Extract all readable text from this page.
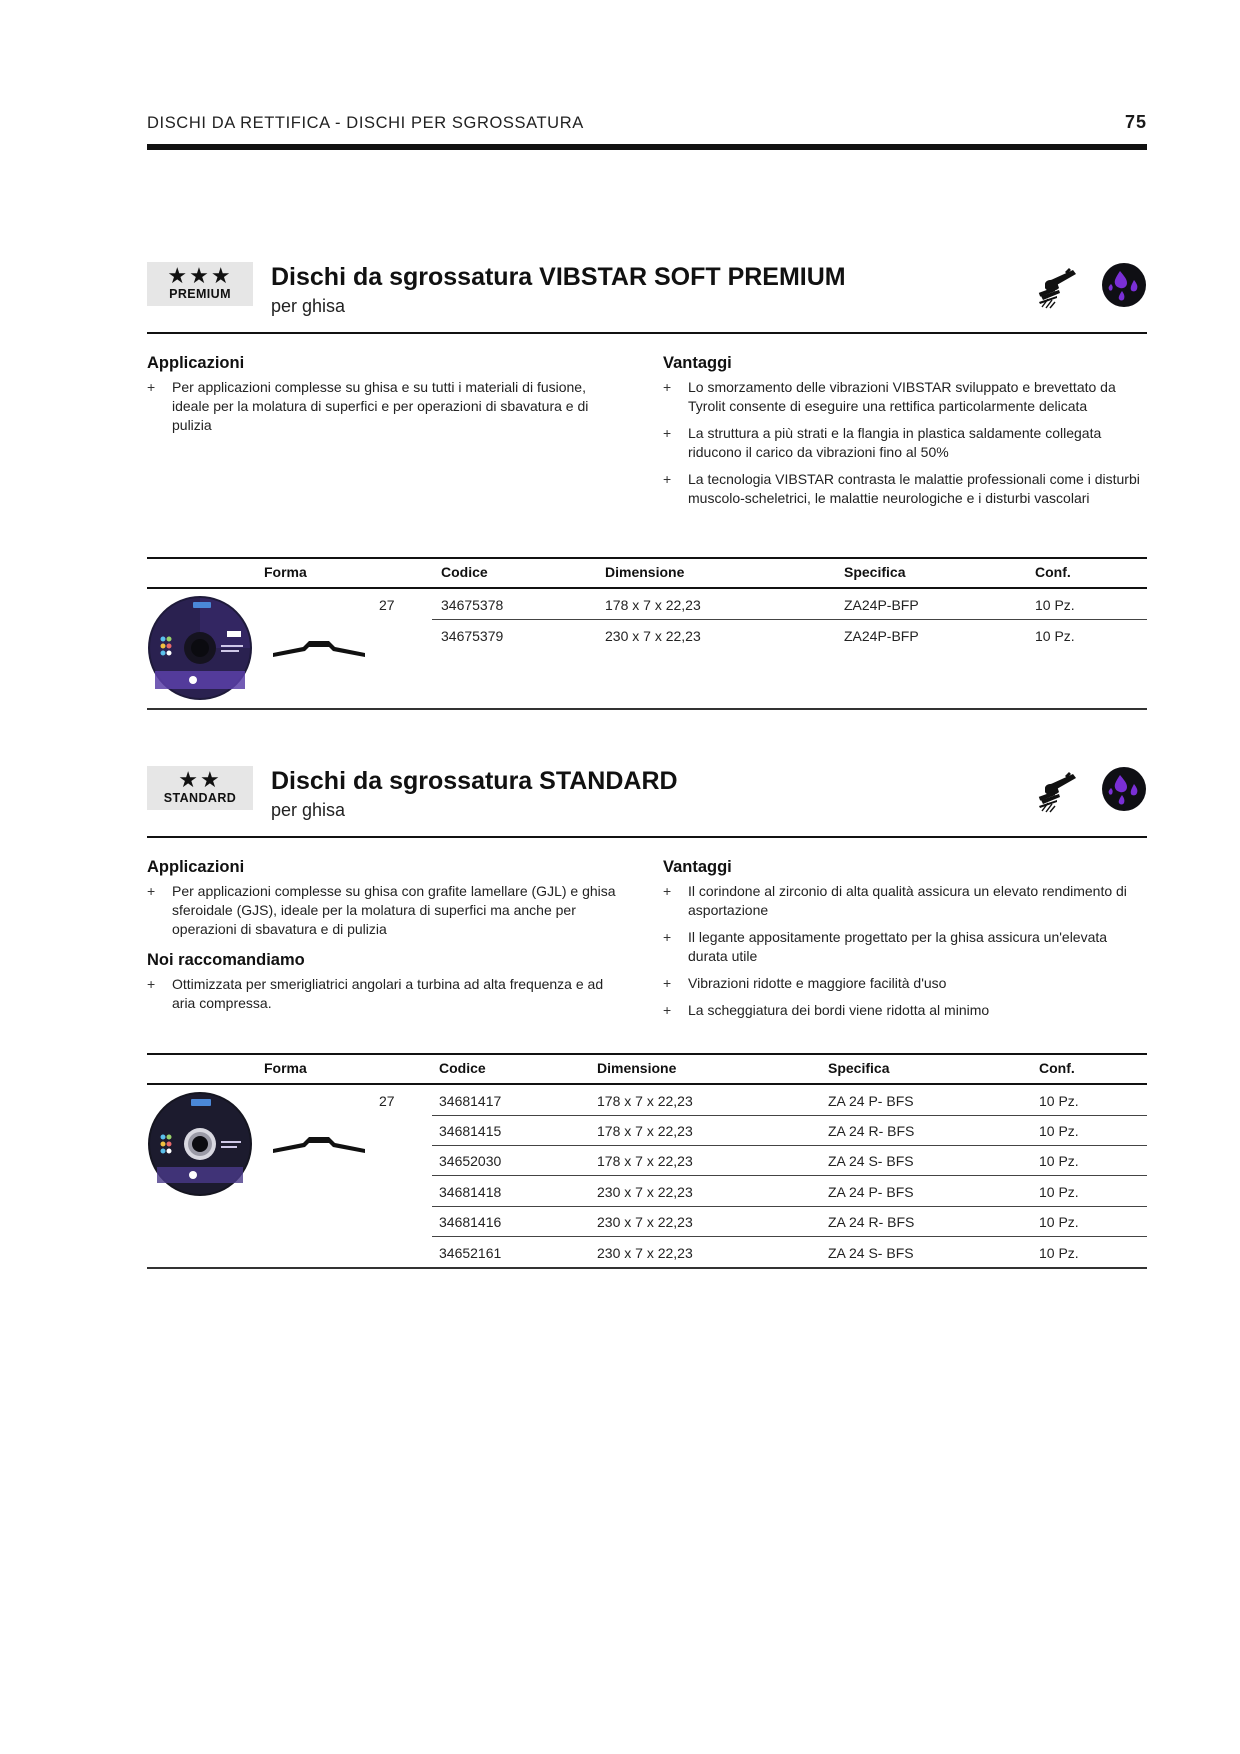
DISCHI DA RETTIFICA - DISCHI PER SGROSSATURA	75
★★★
PREMIUM
Dischi da sgrossatura VIBSTAR SOFT PREMIUM
per ghisa
Applicazioni
+ Per applicazioni complesse su ghisa e su tutti i materiali di fusione, ideale per la molatura di superfici e per operazioni di sbavatura e di pulizia
Vantaggi
+ Lo smorzamento delle vibrazioni VIBSTAR sviluppato e brevettato da Tyrolit consente di eseguire una rettifica particolarmente delicata
+ La struttura a più strati e la flangia in plastica saldamente collegata riducono il carico da vibrazioni fino al 50%
+ La tecnologia VIBSTAR contrasta le malattie professionali come i disturbi muscolo-scheletrici, le malattie neurologiche e i disturbi vascolari
Forma	Codice	Dimensione	Specifica	Conf.
27	34675378	178 x 7 x 22,23	ZA24P-BFP	10 Pz.
34675379	230 x 7 x 22,23	ZA24P-BFP	10 Pz.
★★
STANDARD
Dischi da sgrossatura STANDARD
per ghisa
Applicazioni
+ Per applicazioni complesse su ghisa con grafite lamellare (GJL) e ghisa sferoidale (GJS), ideale per la molatura di superfici ma anche per operazioni di sbavatura e di pulizia
Noi raccomandiamo
+ Ottimizzata per smerigliatrici angolari a turbina ad alta frequenza e ad aria compressa.
Vantaggi
+ Il corindone al zirconio di alta qualità assicura un elevato rendimento di asportazione
+ Il legante appositamente progettato per la ghisa assicura un'elevata durata utile
+ Vibrazioni ridotte e maggiore facilità d'uso
+ La scheggiatura dei bordi viene ridotta al minimo
Forma	Codice	Dimensione	Specifica	Conf.
27	34681417	178 x 7 x 22,23	ZA 24 P- BFS	10 Pz.
34681415	178 x 7 x 22,23	ZA 24 R- BFS	10 Pz.
34652030	178 x 7 x 22,23	ZA 24 S- BFS	10 Pz.
34681418	230 x 7 x 22,23	ZA 24 P- BFS	10 Pz.
34681416	230 x 7 x 22,23	ZA 24 R- BFS	10 Pz.
34652161	230 x 7 x 22,23	ZA 24 S- BFS	10 Pz.
